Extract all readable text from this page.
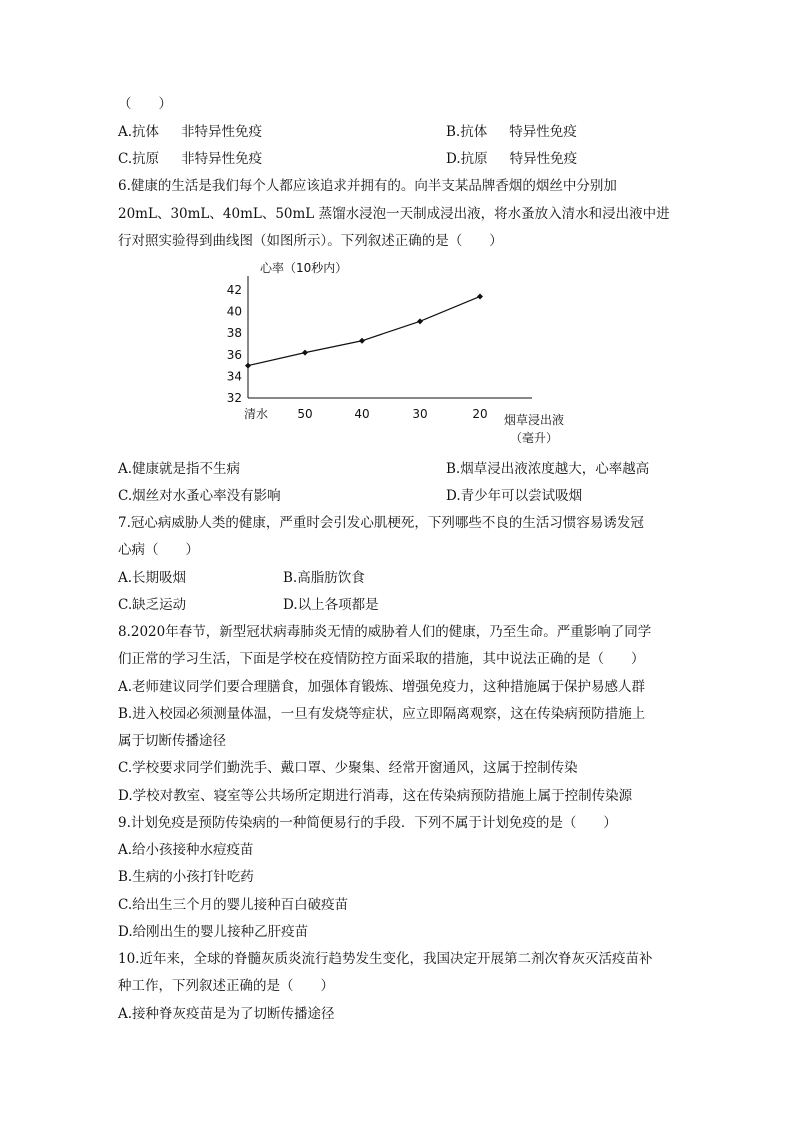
（　　）
A.抗体 非特异性免疫	B.抗体 特异性免疫
C.抗原 非特异性免疫	D.抗原 特异性免疫
6.健康的生活是我们每个人都应该追求并拥有的。向半支某品牌香烟的烟丝中分别加
20mL、30mL、40mL、50mL 蒸馏水浸泡一天制成浸出液，将水蚤放入清水和浸出液中进
行对照实验得到曲线图（如图所示）。下列叙述正确的是（　　）
心率（10秒内）
32
34
36
38
40
42
清水 50	40	30	20 烟草浸出液
（毫升）
A.健康就是指不生病	B.烟草浸出液浓度越大，心率越高
C.烟丝对水蚤心率没有影响	D.青少年可以尝试吸烟
7.冠心病威胁人类的健康，严重时会引发心肌梗死，下列哪些不良的生活习惯容易诱发冠
心病（　　）
A.长期吸烟	B.高脂肪饮食
C.缺乏运动	D.以上各项都是
8.2020年春节，新型冠状病毒肺炎无情的威胁着人们的健康，乃至生命。严重影响了同学
们正常的学习生活，下面是学校在疫情防控方面采取的措施，其中说法正确的是（　　）
A.老师建议同学们要合理膳食，加强体育锻炼、增强免疫力，这种措施属于保护易感人群
B.进入校园必须测量体温，一旦有发烧等症状，应立即隔离观察，这在传染病预防措施上
属于切断传播途径
C.学校要求同学们勤洗手、戴口罩、少聚集、经常开窗通风，这属于控制传染
D.学校对教室、寝室等公共场所定期进行消毒，这在传染病预防措施上属于控制传染源
9.计划免疫是预防传染病的一种简便易行的手段．下列不属于计划免疫的是（　　）
A.给小孩接种水痘疫苗
B.生病的小孩打针吃药
C.给出生三个月的婴儿接种百白破疫苗
D.给刚出生的婴儿接种乙肝疫苗
10.近年来，全球的脊髓灰质炎流行趋势发生变化，我国决定开展第二剂次脊灰灭活疫苗补
种工作，下列叙述正确的是（　　）
A.接种脊灰疫苗是为了切断传播途径
